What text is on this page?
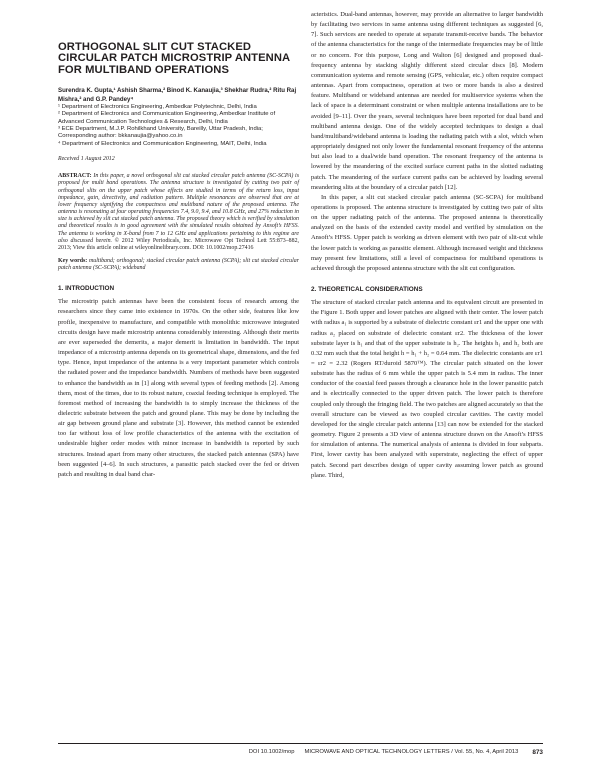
ORTHOGONAL SLIT CUT STACKED CIRCULAR PATCH MICROSTRIP ANTENNA FOR MULTIBAND OPERATIONS

Surendra K. Gupta,¹ Ashish Sharma,² Binod K. Kanaujia,³ Shekhar Rudra,² Ritu Raj Mishra,² and G.P. Pandey⁴

¹ Department of Electronics Engineering, Ambedkar Polytechnic, Delhi, India

² Department of Electronics and Communication Engineering, Ambedkar Institute of Advanced Communication Technologies & Research, Delhi, India

³ ECE Department, M.J.P. Rohilkhand University, Bareilly, Uttar Pradesh, India; Corresponding author: bkkanaujia@yahoo.co.in

⁴ Department of Electronics and Communication Engineering, MAIT, Delhi, India

Received 1 August 2012

ABSTRACT: In this paper, a novel orthogonal slit cut stacked circular patch antenna (SC-SCPA) is proposed for multi band operations. The antenna structure is investigated by cutting two pair of orthogonal slits on the upper patch whose effects are studied in terms of the return loss, input impedance, gain, directivity, and radiation pattern. Multiple resonances are observed that are at lower frequency signifying the compactness and multiband nature of the proposed antenna. The antenna is resonating at four operating frequencies 7.4, 9.0, 9.4, and 10.8 GHz, and 27% reduction in size is achieved by slit cut stacked patch antenna. The proposed theory which is verified by simulation and theoretical results is in good agreement with the simulated results obtained by Ansoft’s HFSS. The antenna is working in X-band from 7 to 12 GHz and applications pertaining to this regime are also discussed herein. © 2012 Wiley Periodicals, Inc. Microwave Opt Technol Lett 55:873–882, 2013; View this article online at wileyonlinelibrary.com. DOI: 10.1002/mop.27416

Key words: multiband; orthogonal; stacked circular patch antenna (SCPA); slit cut stacked circular patch antenna (SC-SCPA); wideband

1. INTRODUCTION

The microstrip patch antennas have been the consistent focus of research among the researchers since they came into existence in 1970s. On the other side, features like low profile, inexpensive to manufacture, and compatible with monolithic microwave integrated circuits design have made microstrip antenna considerably interesting. Although their merits are ever superseded the demerits, a major demerit is limitation in bandwidth. The input impedance of a microstrip antenna depends on its geometrical shape, dimensions, and the fed type. Hence, input impedance of the antenna is a very important parameter which controls the radiated power and the impedance bandwidth. Numbers of methods have been suggested to enhance the bandwidth as in [1] along with several types of feeding methods [2]. Among them, most of the times, due to its robust nature, coaxial feeding technique is employed. The foremost method of increasing the bandwidth is to simply increase the thickness of the dielectric substrate between the patch and ground plane. This may be done by including the air gap between ground plane and substrate [3]. However, this method cannot be extended too far without loss of low profile characteristics of the antenna with the excitation of undesirable higher order modes with minor increase in bandwidth is reported by such structures. Instead apart from many other structures, the stacked patch antennas (SPA) have been suggested [4–6]. In such structures, a parasitic patch stacked over the fed or driven patch and resulting in dual band char-

acteristics. Dual-band antennas, however, may provide an alternative to larger bandwidth by facilitating two services in same antenna using different techniques as suggested [6, 7]. Such services are needed to operate at separate transmit-receive bands. The behavior of the antenna characteristics for the range of the intermediate frequencies may be of little or no concern. For this purpose, Long and Walton [6] designed and proposed dual-frequency antenna by stacking slightly different sized circular discs [8]. Modern communication systems and remote sensing (GPS, vehicular, etc.) often require compact antennas. Apart from compactness, operation at two or more bands is also a desired feature. Multiband or wideband antennas are needed for multiservice systems when the lack of space is a determinant constraint or when multiple antenna installations are to be avoided [9–11]. Over the years, several techniques have been reported for dual band and multiband antenna design. One of the widely accepted techniques to design a dual band/multiband/wideband antenna is loading the radiating patch with a slot, which when appropriately designed not only lower the fundamental resonant frequency of the antenna but also lead to a dual/wide band operation. The resonant frequency of the antenna is lowered by the meandering of the excited surface current paths in the slotted radiating patch. The meandering of the surface current paths can be achieved by loading several meandering slits at the boundary of a circular patch [12].

In this paper, a slit cut stacked circular patch antenna (SC-SCPA) for multiband operations is proposed. The antenna structure is investigated by cutting two pair of slits on the upper radiating patch of the antenna. The proposed antenna is theoretically analyzed on the basis of the extended cavity model and verified by simulation on the Ansoft’s HFSS. Upper patch is working as driven element with two pair of slit-cut while the lower patch is working as parasitic element. Although increased weight and thickness may present few limitations, still a level of compactness for multiband operations is achieved through the proposed antenna structure with the slit cut configuration.

2. THEORETICAL CONSIDERATIONS

The structure of stacked circular patch antenna and its equivalent circuit are presented in the Figure 1. Both upper and lower patches are aligned with their center. The lower patch with radius a₁ is supported by a substrate of dielectric constant εr1 and the upper one with radius a₂ placed on substrate of dielectric constant εr2. The thickness of the lower substrate layer is h₁ and that of the upper substrate is h₂. The heights h₁ and h₂ both are 0.32 mm such that the total height h = h₁ + h₂ = 0.64 mm. The dielectric constants are εr1 = εr2 = 2.32 (Rogers RT/duroid 5870™). The circular patch situated on the lower substrate has the radius of 6 mm while the upper patch is 5.4 mm in radius. The inner conductor of the coaxial feed passes through a clearance hole in the lower parasitic patch and is electrically connected to the upper driven patch. The lower patch is therefore coupled only through the fringing field. The two patches are aligned accurately so that the overall structure can be viewed as two coupled circular cavities. The cavity model developed for the single circular patch antenna [13] can now be extended for the stacked geometry. Figure 2 presents a 3D view of antenna structure drawn on the Ansoft’s HFSS for simulation of antenna. The numerical analysis of antenna is divided in four subparts. First, lower cavity has been analyzed with superstrate, neglecting the effect of upper patch. Second part describes design of upper cavity assuming lower patch as ground plane. Third,

DOI 10.1002/mop MICROWAVE AND OPTICAL TECHNOLOGY LETTERS / Vol. 55, No. 4, April 2013 873
